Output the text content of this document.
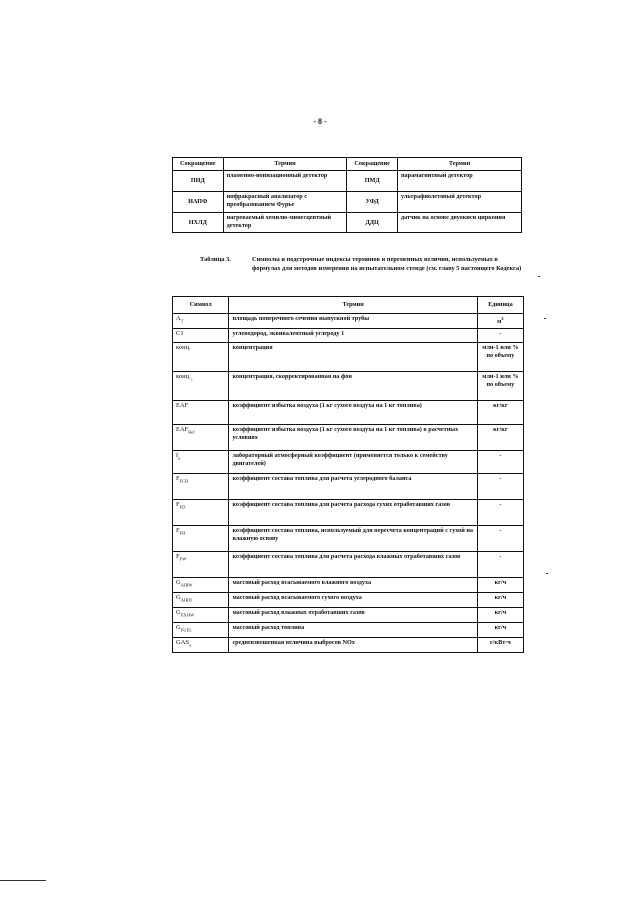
- 8 -
Сокращение	Термин	Сокращение	Термин
ПИД	пламенно-ионизационный детектор	ПМД	парамагнитный детектор
ИАПФ	инфракрасный анализатор с преобразованием Фурье	УФД	ультрафиолетовый детектор
НХЛД	нагреваемый хемилю-минесцентный детектор	ДДЦ	датчик на основе двуокиси циркония
Таблица 3.	Символы и подстрочные индексы терминов и переменных величин, используемых в формулах для методов измерения на испытательном стенде (см. главу 5 настоящего Кодекса)
Символ	Термин	Единица
$A_T$	площадь поперечного сечения выпускной трубы	$м^2$
C1	углеводород, эквивалентный углероду 1	-
конц.	концентрация	млн-1 или % по объему
$конц._c$	концентрация, скорректированная на фон	млн-1 или % по объему
EAF	коэффициент избытка воздуха (1 кг сухого воздуха на 1 кг топлива)	кг/кг
$EAF_{Ref}$	коэффициент избытка воздуха (1 кг сухого воздуха на 1 кг топлива) в расчетных условиях	кг/кг
$f_a$	лабораторный атмосферный коэффициент (применяется только к семейству двигателей)	-
$F_{FCB}$	коэффициент состава топлива для расчета углеродного баланса	-
$F_{FD}$	коэффициент состава топлива для расчета расхода сухих отработавших газов	-
$F_{FH}$	коэффициент состава топлива, используемый для пересчета концентраций с сухой на влажную основу	-
$F_{FW}$	коэффициент состава топлива для расчета расхода влажных отработавших газов	-
$G_{AIRW}$	массовый расход всасываемого влажного воздуха	кг/ч
$G_{AIRD}$	массовый расход всасываемого сухого воздуха	кг/ч
$G_{EXHW}$	массовый расход влажных отработавших газов	кг/ч
$G_{FUEL}$	массовый расход топлива	кг/ч
$GAS_x$	средневзвешенная величина выбросов NOx	г/кВт·ч
